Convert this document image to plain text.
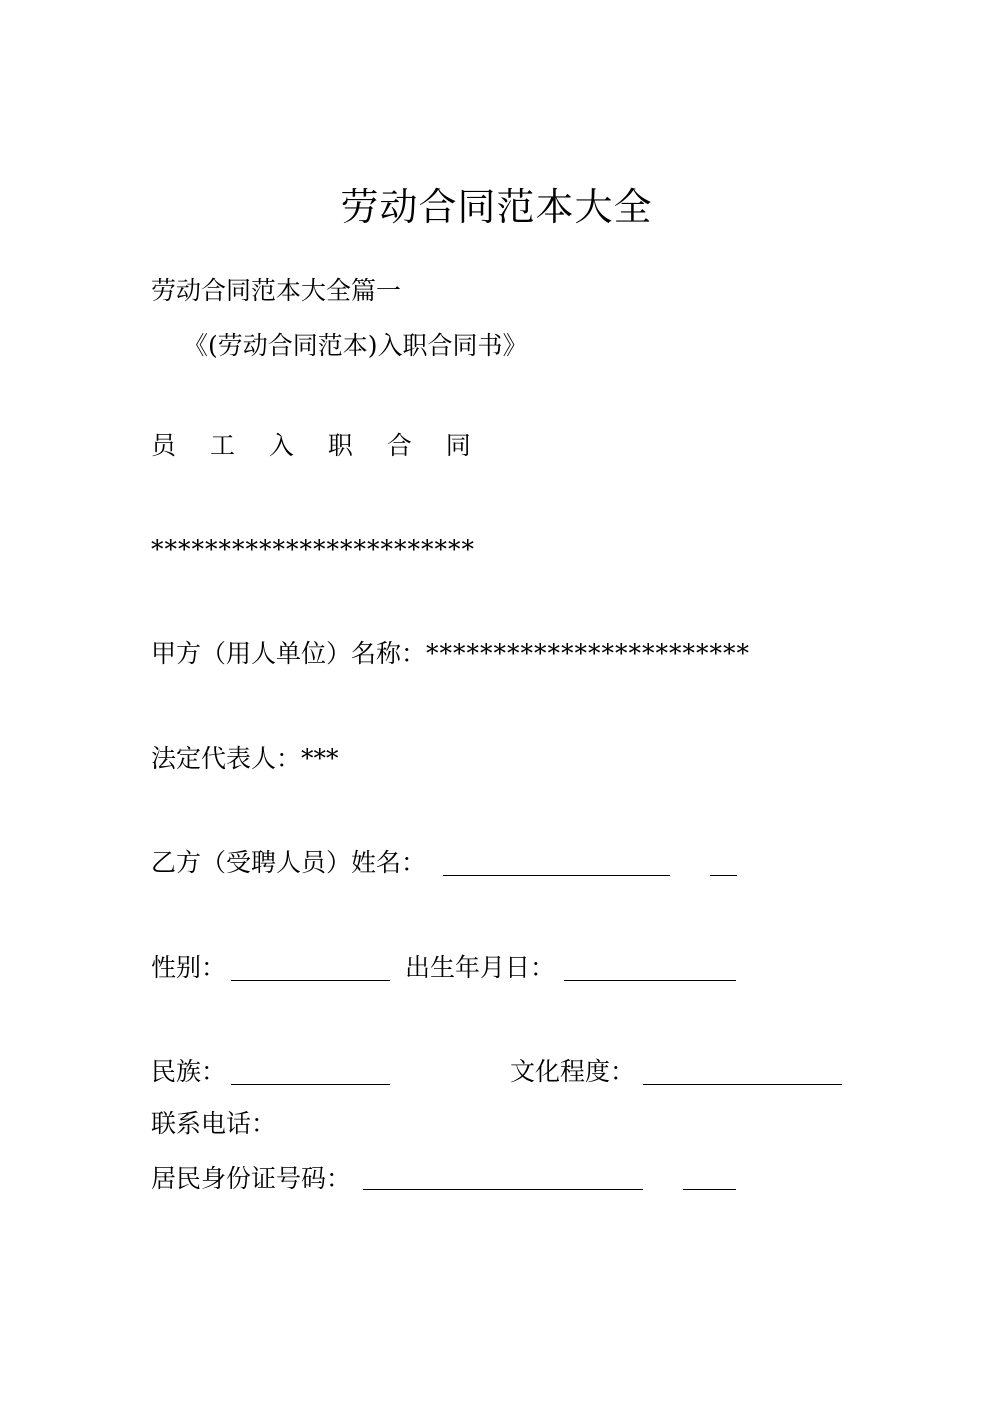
劳动合同范本大全
劳动合同范本大全篇一
《(劳动合同范本)入职合同书》
员 工 入 职 合 同
************************
甲方（用人单位）名称：************************
法定代表人：***
乙方（受聘人员）姓名：
性别：	出生年月日：
民族：	文化程度：
联系电话：
居民身份证号码：
